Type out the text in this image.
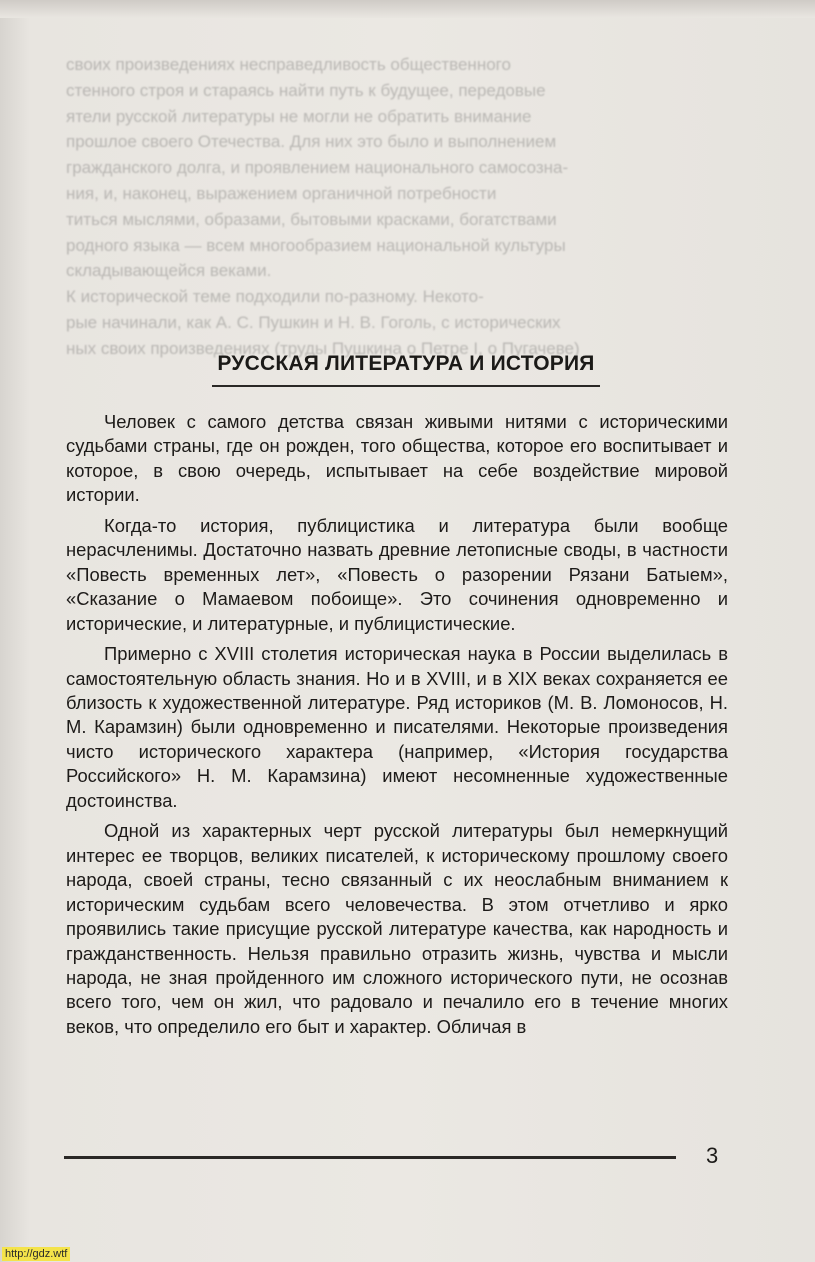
своих произведениях несправедливость общественного

стенного строя и стараясь найти путь к будущее, передовые

ятели русской литературы не могли не обратить внимание

прошлое своего Отечества. Для них это было и выполнением

гражданского долга, и проявлением национального самосозна-

ния, и, наконец, выражением органичной потребности

титься мыслями, образами, бытовыми красками, богатствами

родного языка — всем многообразием национальной культуры

складывающейся веками.

К исторической теме подходили по-разному. Некото-

рые начинали, как А. С. Пушкин и Н. В. Гоголь, с исторических

ных своих произведениях (труды Пушкина о Петре I, о Пугачеве)

РУССКАЯ ЛИТЕРАТУРА И ИСТОРИЯ

Человек с самого детства связан живыми нитями с историческими судьбами страны, где он рожден, того общества, которое его воспитывает и которое, в свою очередь, испытывает на себе воздействие мировой истории.

Когда-то история, публицистика и литература были вообще нерасчленимы. Достаточно назвать древние летописные своды, в частности «Повесть временных лет», «Повесть о разорении Рязани Батыем», «Сказание о Мамаевом побоище». Это сочинения одновременно и исторические, и литературные, и публицистические.

Примерно с XVIII столетия историческая наука в России выделилась в самостоятельную область знания. Но и в XVIII, и в XIX веках сохраняется ее близость к художественной литературе. Ряд историков (М. В. Ломоносов, Н. М. Карамзин) были одновременно и писателями. Некоторые произведения чисто исторического характера (например, «История государства Российского» Н. М. Карамзина) имеют несомненные художественные достоинства.

Одной из характерных черт русской литературы был немеркнущий интерес ее творцов, великих писателей, к историческому прошлому своего народа, своей страны, тесно связанный с их неослабным вниманием к историческим судьбам всего человечества. В этом отчетливо и ярко проявились такие присущие русской литературе качества, как народность и гражданственность. Нельзя правильно отразить жизнь, чувства и мысли народа, не зная пройденного им сложного исторического пути, не осознав всего того, чем он жил, что радовало и печалило его в течение многих веков, что определило его быт и характер. Обличая в

3
http://gdz.wtf
